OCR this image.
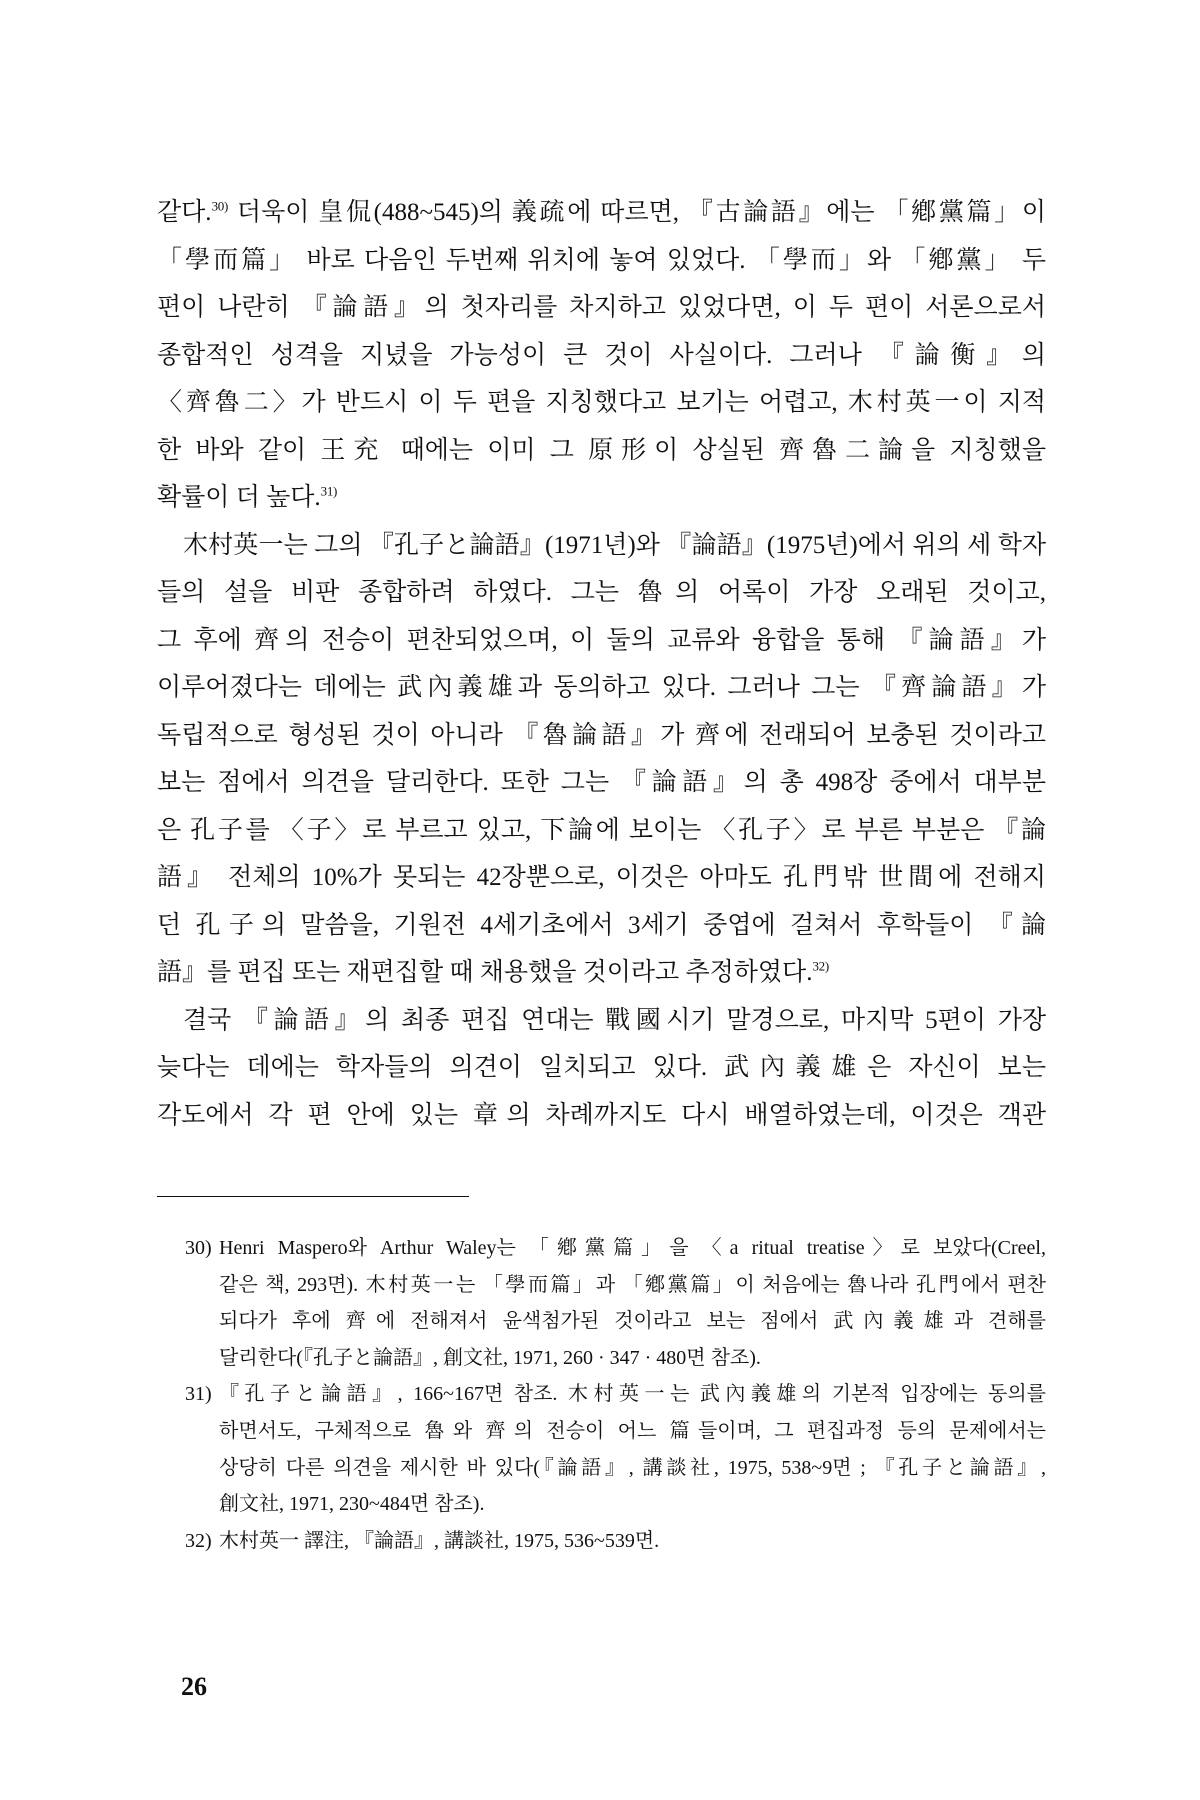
같다.$^{30)}$ 더욱이 皇侃(488~545)의 義疏에 따르면, 『古論語』에는 「鄕黨篇」이
「學而篇」 바로 다음인 두번째 위치에 놓여 있었다. 「學而」와 「鄕黨」 두
편이 나란히 『論語』의 첫자리를 차지하고 있었다면, 이 두 편이 서론으로서
종합적인 성격을 지녔을 가능성이 큰 것이 사실이다. 그러나 『論衡』의
〈齊魯二〉가 반드시 이 두 편을 지칭했다고 보기는 어렵고, 木村英一이 지적
한 바와 같이 王充 때에는 이미 그 原形이 상실된 齊魯二論을 지칭했을
확률이 더 높다.$^{31)}$
木村英一는 그의 『孔子と論語』(1971년)와 『論語』(1975년)에서 위의 세 학자
들의 설을 비판 종합하려 하였다. 그는 魯의 어록이 가장 오래된 것이고,
그 후에 齊의 전승이 편찬되었으며, 이 둘의 교류와 융합을 통해 『論語』가
이루어졌다는 데에는 武內義雄과 동의하고 있다. 그러나 그는 『齊論語』가
독립적으로 형성된 것이 아니라 『魯論語』가 齊에 전래되어 보충된 것이라고
보는 점에서 의견을 달리한다. 또한 그는 『論語』의 총 498장 중에서 대부분
은 孔子를 〈子〉로 부르고 있고, 下論에 보이는 〈孔子〉로 부른 부분은 『論
語』 전체의 10%가 못되는 42장뿐으로, 이것은 아마도 孔門밖 世間에 전해지
던 孔子의 말씀을, 기원전 4세기초에서 3세기 중엽에 걸쳐서 후학들이 『論
語』를 편집 또는 재편집할 때 채용했을 것이라고 추정하였다.$^{32)}$
결국 『論語』의 최종 편집 연대는 戰國시기 말경으로, 마지막 5편이 가장
늦다는 데에는 학자들의 의견이 일치되고 있다. 武內義雄은 자신이 보는
각도에서 각 편 안에 있는 章의 차례까지도 다시 배열하였는데, 이것은 객관
30) Henri Maspero와 Arthur Waley는 「鄕黨篇」을 〈a ritual treatise〉로 보았다(Creel,
같은 책, 293면). 木村英一는 「學而篇」과 「鄕黨篇」이 처음에는 魯나라 孔門에서 편찬
되다가 후에 齊에 전해져서 윤색첨가된 것이라고 보는 점에서 武內義雄과 견해를
달리한다(『孔子と論語』, 創文社, 1971, 260 · 347 · 480면 참조).
31) 『孔子と論語』, 166~167면 참조. 木村英一는 武內義雄의 기본적 입장에는 동의를
하면서도, 구체적으로 魯와 齊의 전승이 어느 篇들이며, 그 편집과정 등의 문제에서는
상당히 다른 의견을 제시한 바 있다(『論語』, 講談社, 1975, 538~9면 ; 『孔子と論語』,
創文社, 1971, 230~484면 참조).
32) 木村英一 譯注, 『論語』, 講談社, 1975, 536~539면.
26
